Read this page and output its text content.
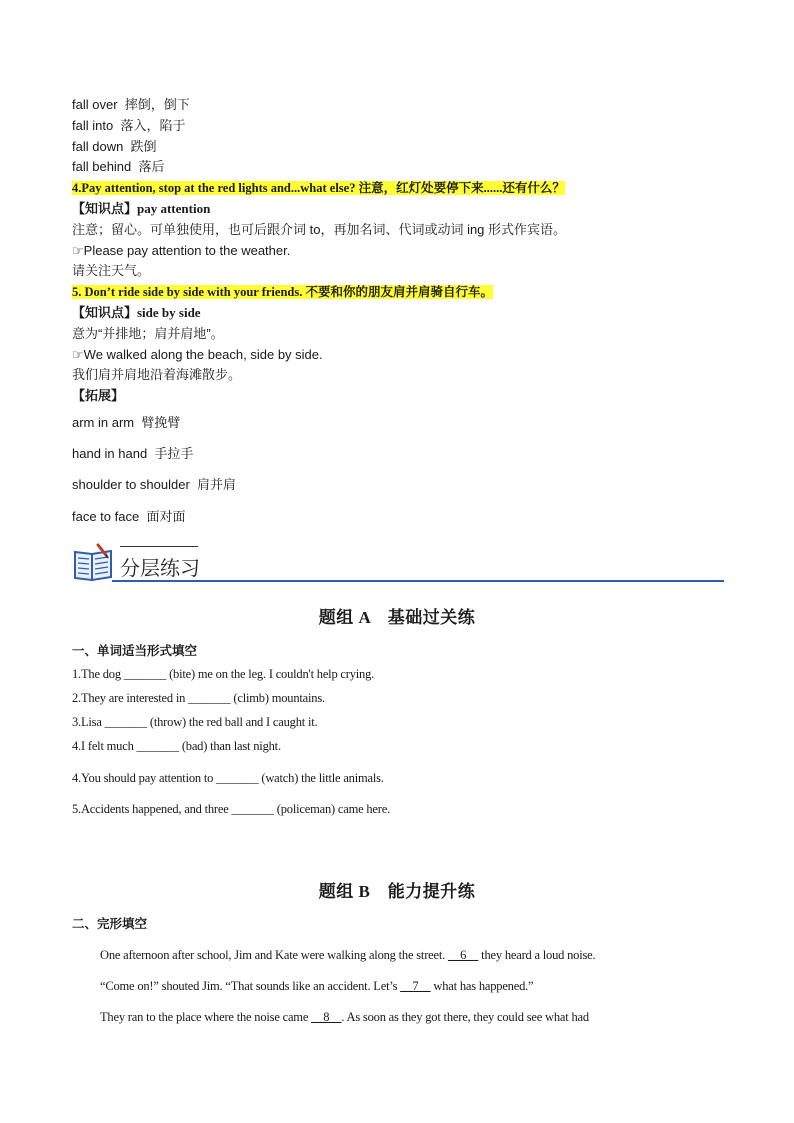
fall over 摔倒，倒下
fall into 落入，陷于
fall down 跌倒
fall behind 落后
4.Pay attention, stop at the red lights and...what else? 注意，红灯处要停下来......还有什么？
【知识点】pay attention
注意；留心。可单独使用，也可后跟介词 to，再加名词、代词或动词 ing 形式作宾语。
☞Please pay attention to the weather.
请关注天气。
5. Don’t ride side by side with your friends. 不要和你的朋友肩并肩骑自行车。
【知识点】side by side
意为“并排地；肩并肩地”。
☞We walked along the beach, side by side.
我们肩并肩地沿着海滩散步。
【拓展】
arm in arm 臂挽臂
hand in hand 手拉手
shoulder to shoulder 肩并肩
face to face 面对面
分层练习
题组 A　基础过关练
一、单词适当形式填空
1.The dog _______ (bite) me on the leg. I couldn't help crying.
2.They are interested in _______ (climb) mountains.
3.Lisa _______ (throw) the red ball and I caught it.
4.I felt much _______ (bad) than last night.
4.You should pay attention to _______ (watch) the little animals.
5.Accidents happened, and three _______ (policeman) came here.
题组 B　能力提升练
二、完形填空
One afternoon after school, Jim and Kate were walking along the street. __6__ they heard a loud noise.
“Come on!” shouted Jim. “That sounds like an accident. Let’s __7__ what has happened.”
They ran to the place where the noise came __8__. As soon as they got there, they could see what had
